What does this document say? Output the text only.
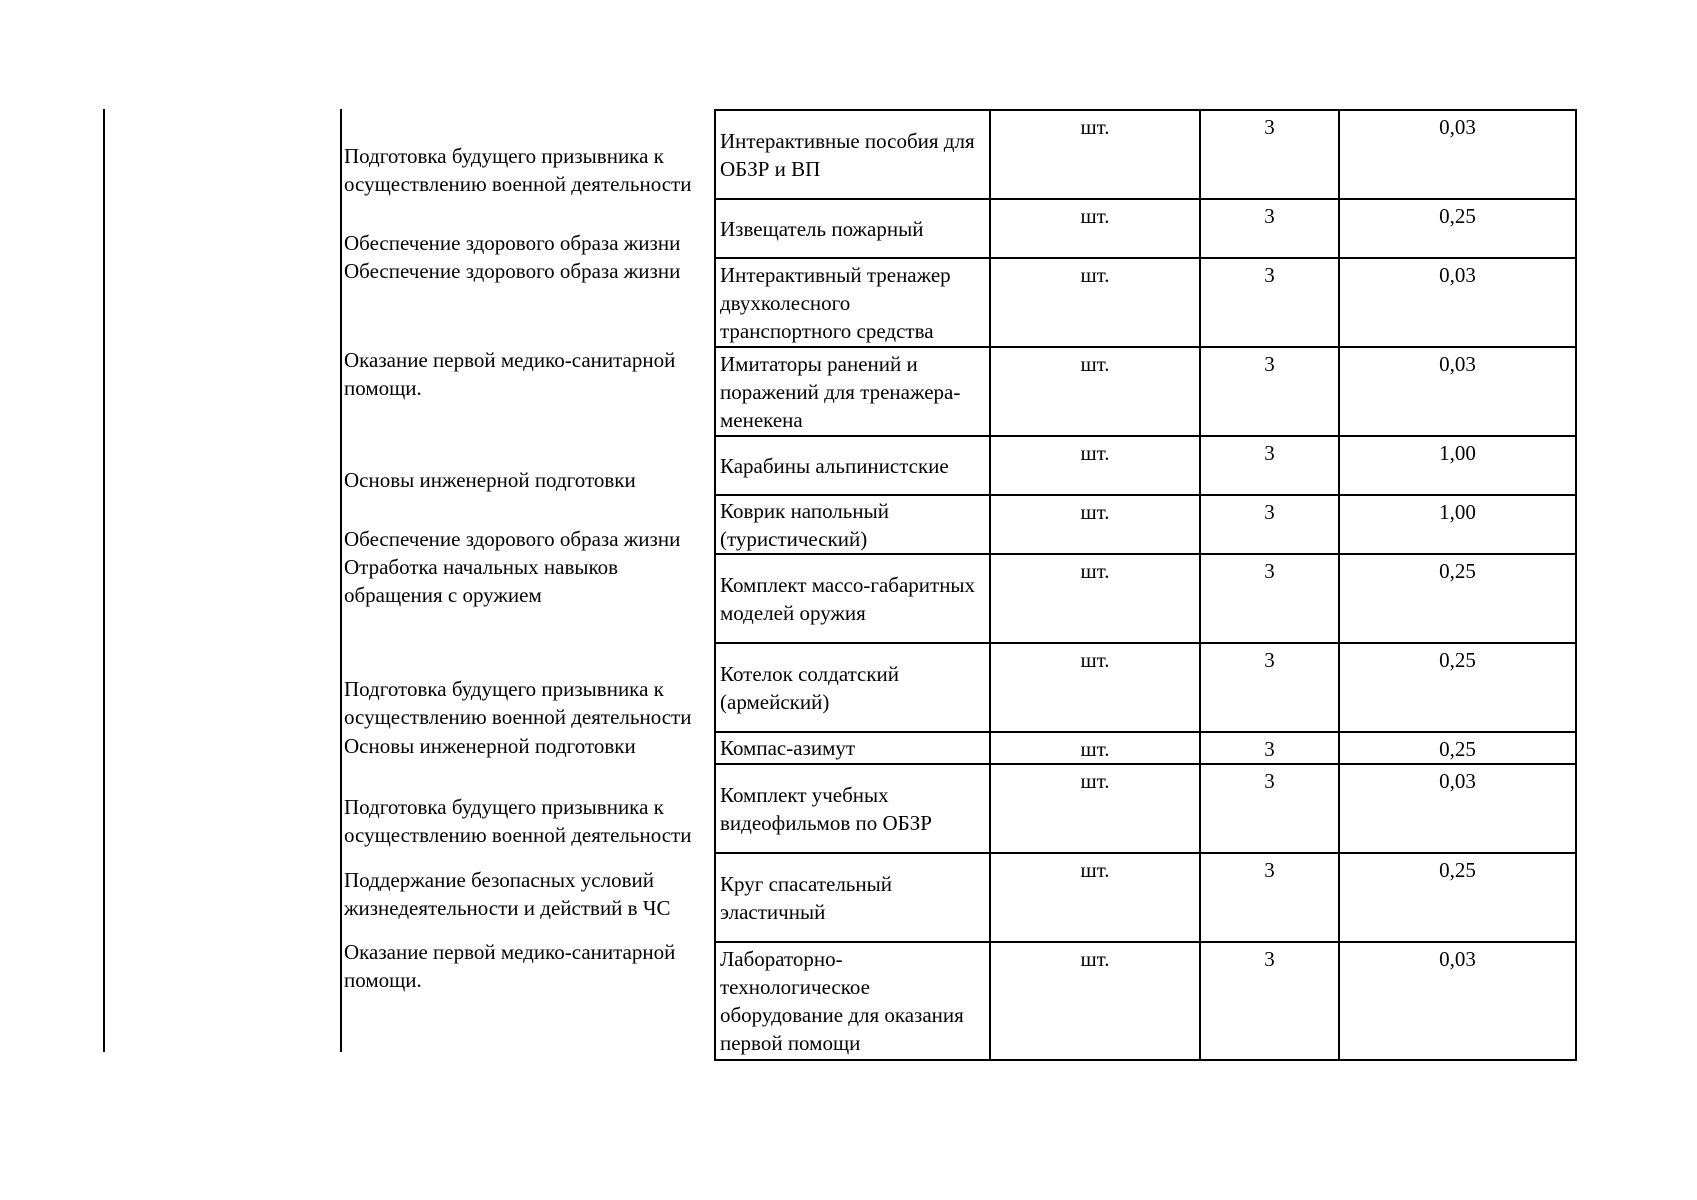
Подготовка будущего призывника к осуществлению военной деятельности
Обеспечение здорового образа жизни
Обеспечение здорового образа жизни
Оказание первой медико-санитарной помощи.
Основы инженерной подготовки
Обеспечение здорового образа жизни
Отработка начальных навыков обращения с оружием
Подготовка будущего призывника к осуществлению военной деятельности
Основы инженерной подготовки
Подготовка будущего призывника к осуществлению военной деятельности
Поддержание безопасных условий жизнедеятельности и действий в ЧС
Оказание первой медико-санитарной помощи.
Интерактивные пособия для ОБЗР и ВП	шт.	3	0,03
Извещатель пожарный	шт.	3	0,25
Интерактивный тренажер двухколесного транспортного средства	шт.	3	0,03
Имитаторы ранений и поражений для тренажера-менекена	шт.	3	0,03
Карабины альпинистские	шт.	3	1,00
Коврик напольный (туристический)	шт.	3	1,00
Комплект массо-габаритных моделей оружия	шт.	3	0,25
Котелок солдатский (армейский)	шт.	3	0,25
Компас-азимут	шт.	3	0,25
Комплект учебных видеофильмов по ОБЗР	шт.	3	0,03
Круг спасательный эластичный	шт.	3	0,25
Лабораторно-технологическое оборудование для оказания первой помощи	шт.	3	0,03
